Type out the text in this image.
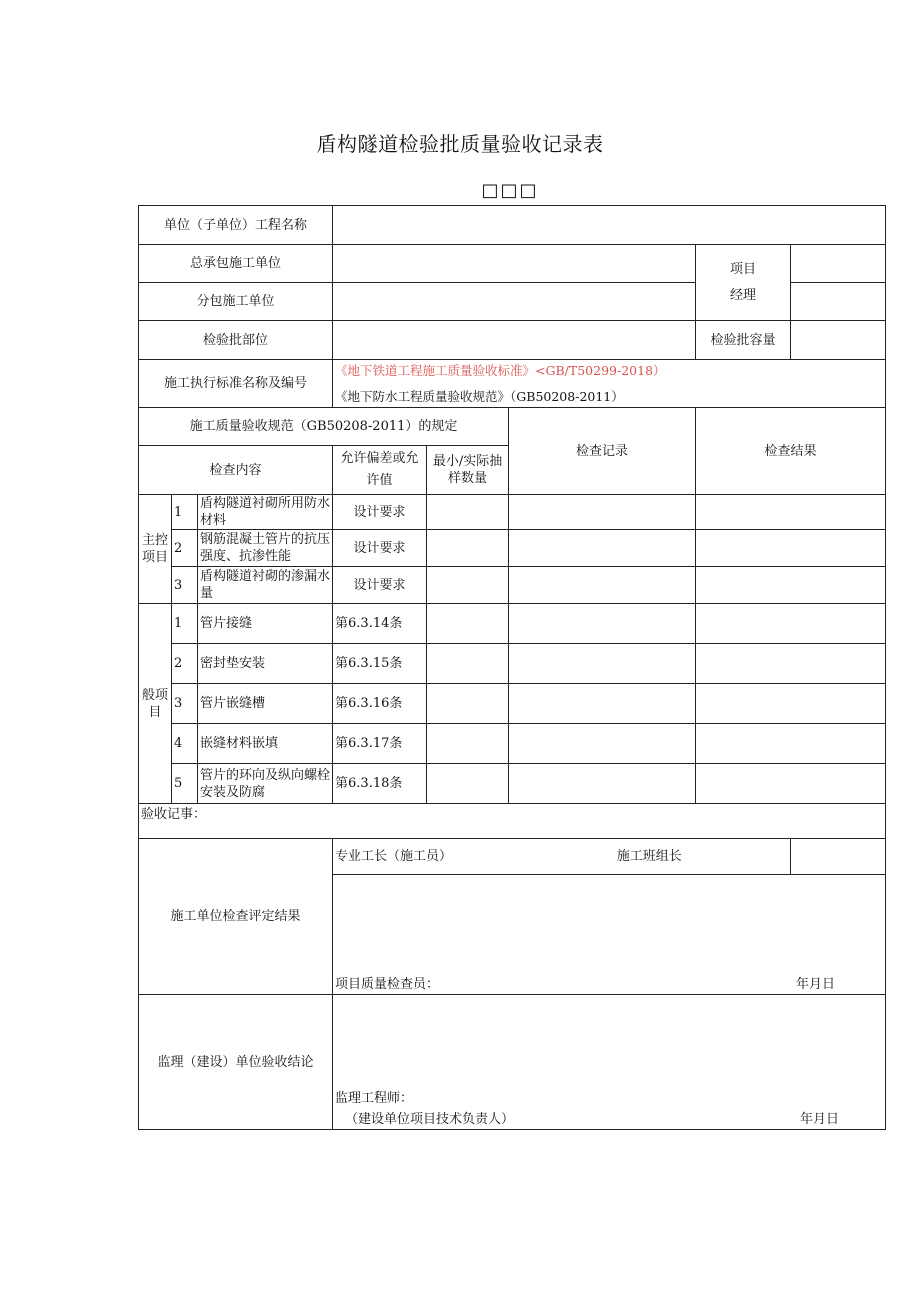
盾构隧道检验批质量验收记录表
□□□
单位（子单位）工程名称							
总承包施工单位						项目
经理	

分包施工单位							
检验批部位						检验批容量	
施工执行标准名称及编号			《地下铁道工程施工质量验收标准》<GB/T50299-2018）
《地下防水工程质量验收规范》（GB50208-2011）				

施工质量验收规范（GB50208-2011）的规定					检查记录	检查结果	
检查内容			允许偏差或允许值	最小/实际抽样数量			
主控项目	1	盾构隧道衬砌所用防水材料	设计要求				
	2	钢筋混凝土管片的抗压强度、抗渗性能	设计要求				
	3	盾构隧道衬砌的渗漏水量	设计要求				
般项目	1	管片接缝	第6.3.14条				
	2	密封垫安装	第6.3.15条				
	3	管片嵌缝槽	第6.3.16条				
	4	嵌缝材料嵌填	第6.3.17条				
	5	管片的环向及纵向螺栓安装及防腐	第6.3.18条				
验收记事：							
施工单位检查评定结果			专业工长（施工员）		施工班组长		
			项目质量检查员： 年月日				

监理（建设）单位验收结论			监理工程师：
（建设单位项目技术负责人） 年月日				
